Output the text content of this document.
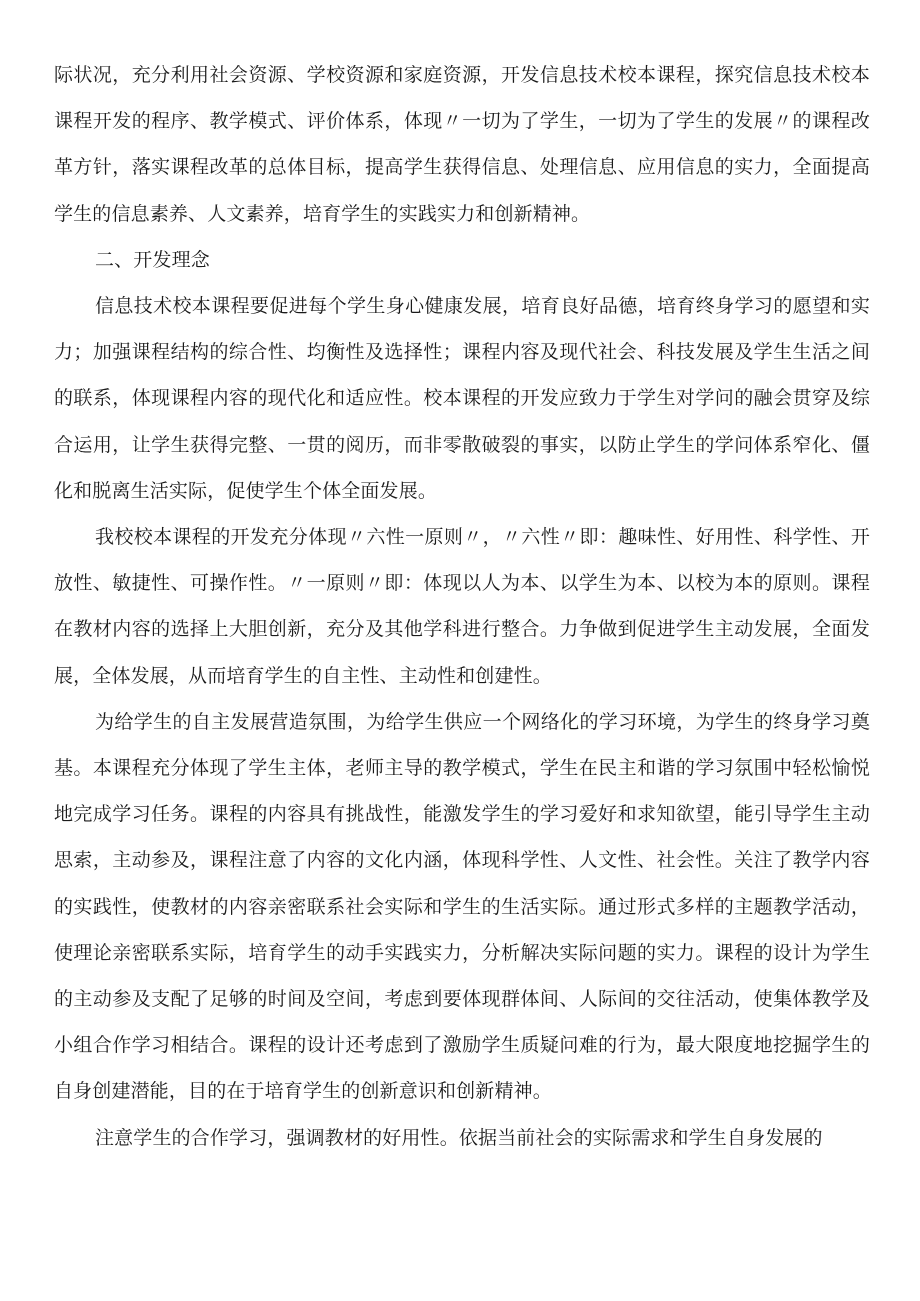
际状况，充分利用社会资源、学校资源和家庭资源，开发信息技术校本课程，探究信息技术校本课程开发的程序、教学模式、评价体系，体现〃一切为了学生，一切为了学生的发展〃的课程改革方针，落实课程改革的总体目标，提高学生获得信息、处理信息、应用信息的实力，全面提高学生的信息素养、人文素养，培育学生的实践实力和创新精神。

二、开发理念

信息技术校本课程要促进每个学生身心健康发展，培育良好品德，培育终身学习的愿望和实力；加强课程结构的综合性、均衡性及选择性；课程内容及现代社会、科技发展及学生生活之间的联系，体现课程内容的现代化和适应性。校本课程的开发应致力于学生对学问的融会贯穿及综合运用，让学生获得完整、一贯的阅历，而非零散破裂的事实，以防止学生的学问体系窄化、僵化和脱离生活实际，促使学生个体全面发展。

我校校本课程的开发充分体现〃六性一原则〃，〃六性〃即：趣味性、好用性、科学性、开放性、敏捷性、可操作性。〃一原则〃即：体现以人为本、以学生为本、以校为本的原则。课程在教材内容的选择上大胆创新，充分及其他学科进行整合。力争做到促进学生主动发展，全面发展，全体发展，从而培育学生的自主性、主动性和创建性。

为给学生的自主发展营造氛围，为给学生供应一个网络化的学习环境，为学生的终身学习奠基。本课程充分体现了学生主体，老师主导的教学模式，学生在民主和谐的学习氛围中轻松愉悦地完成学习任务。课程的内容具有挑战性，能激发学生的学习爱好和求知欲望，能引导学生主动思索，主动参及，课程注意了内容的文化内涵，体现科学性、人文性、社会性。关注了教学内容的实践性，使教材的内容亲密联系社会实际和学生的生活实际。通过形式多样的主题教学活动，使理论亲密联系实际，培育学生的动手实践实力，分析解决实际问题的实力。课程的设计为学生的主动参及支配了足够的时间及空间，考虑到要体现群体间、人际间的交往活动，使集体教学及小组合作学习相结合。课程的设计还考虑到了激励学生质疑问难的行为，最大限度地挖掘学生的自身创建潜能，目的在于培育学生的创新意识和创新精神。

注意学生的合作学习，强调教材的好用性。依据当前社会的实际需求和学生自身发展的
